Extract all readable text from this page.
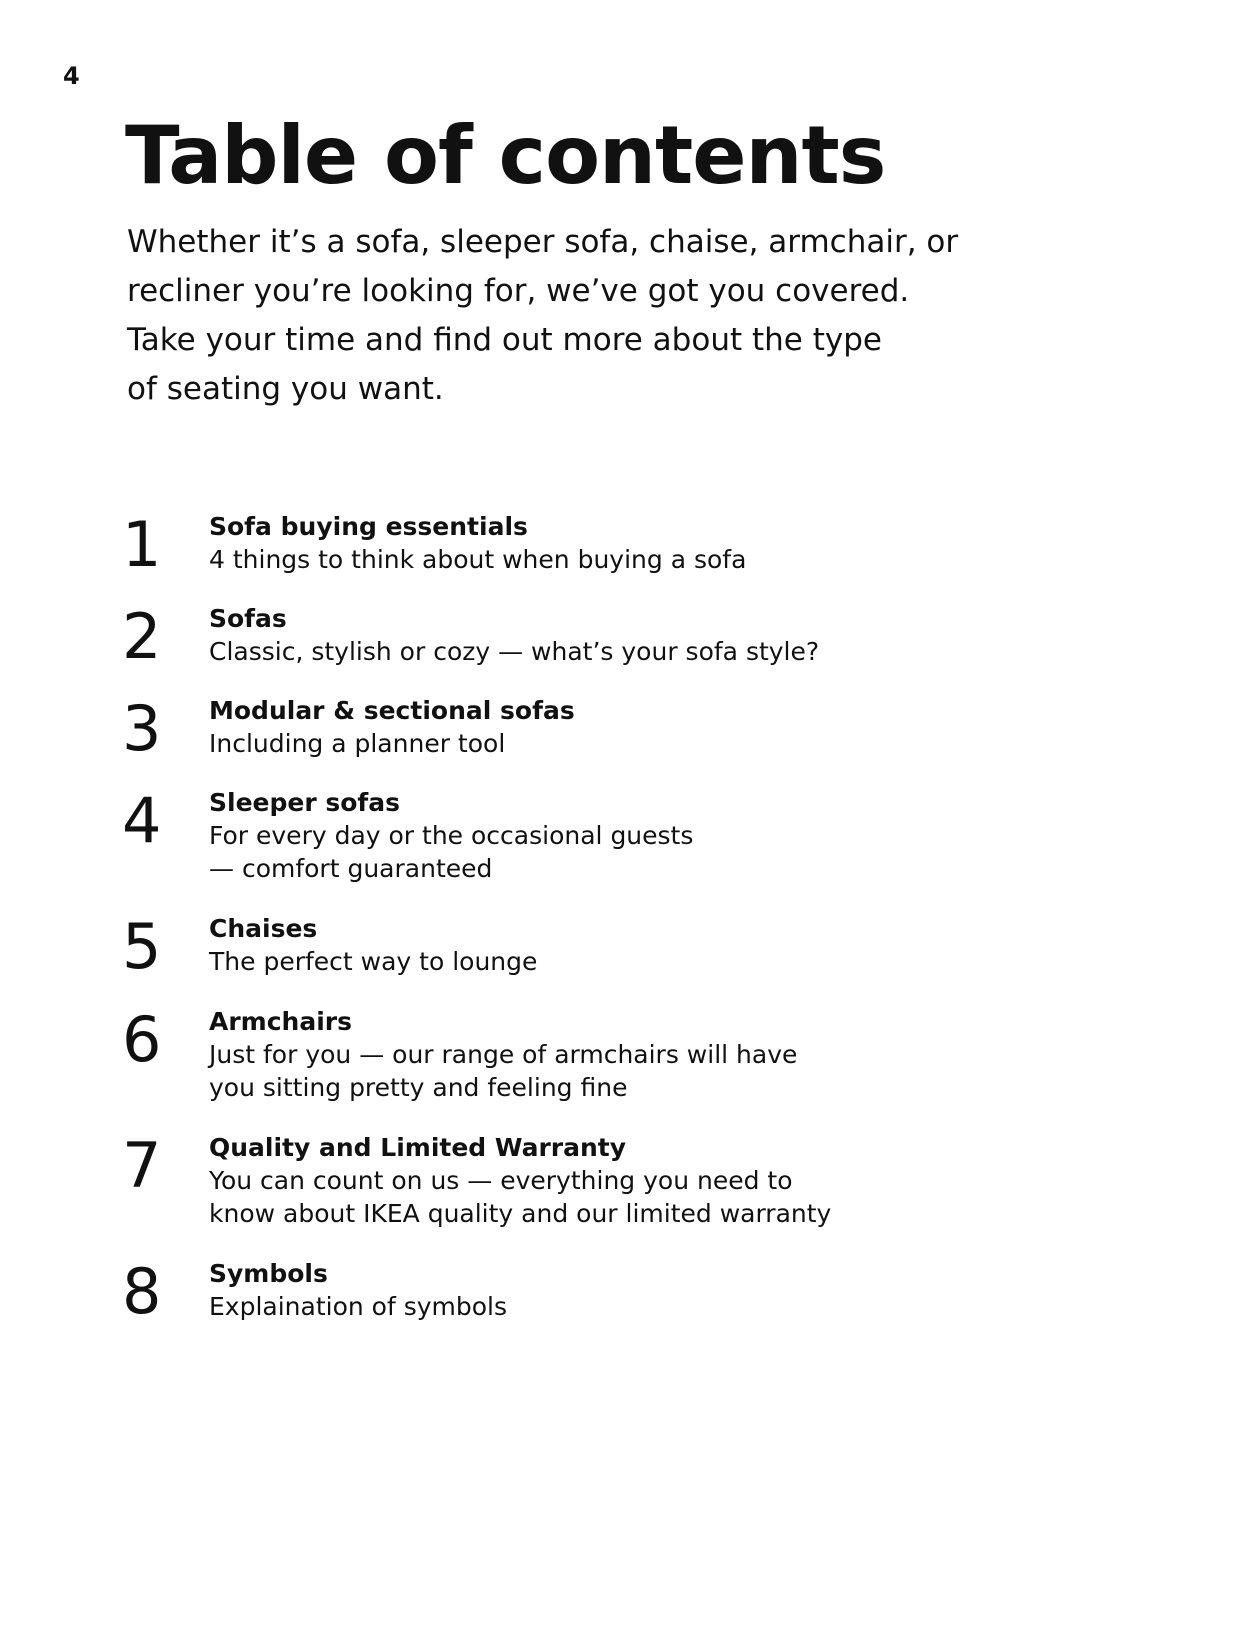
4
Table of contents

Whether it’s a sofa, sleeper sofa, chaise, armchair, or
recliner you’re looking for, we’ve got you covered.
Take your time and find out more about the type
of seating you want.

1 Sofa buying essentials
4 things to think about when buying a sofa
2 Sofas
Classic, stylish or cozy — what’s your sofa style?
3 Modular & sectional sofas
Including a planner tool
4 Sleeper sofas
For every day or the occasional guests
— comfort guaranteed
5 Chaises
The perfect way to lounge
6 Armchairs
Just for you — our range of armchairs will have
you sitting pretty and feeling fine
7 Quality and Limited Warranty
You can count on us — everything you need to
know about IKEA quality and our limited warranty
8 Symbols
Explaination of symbols
